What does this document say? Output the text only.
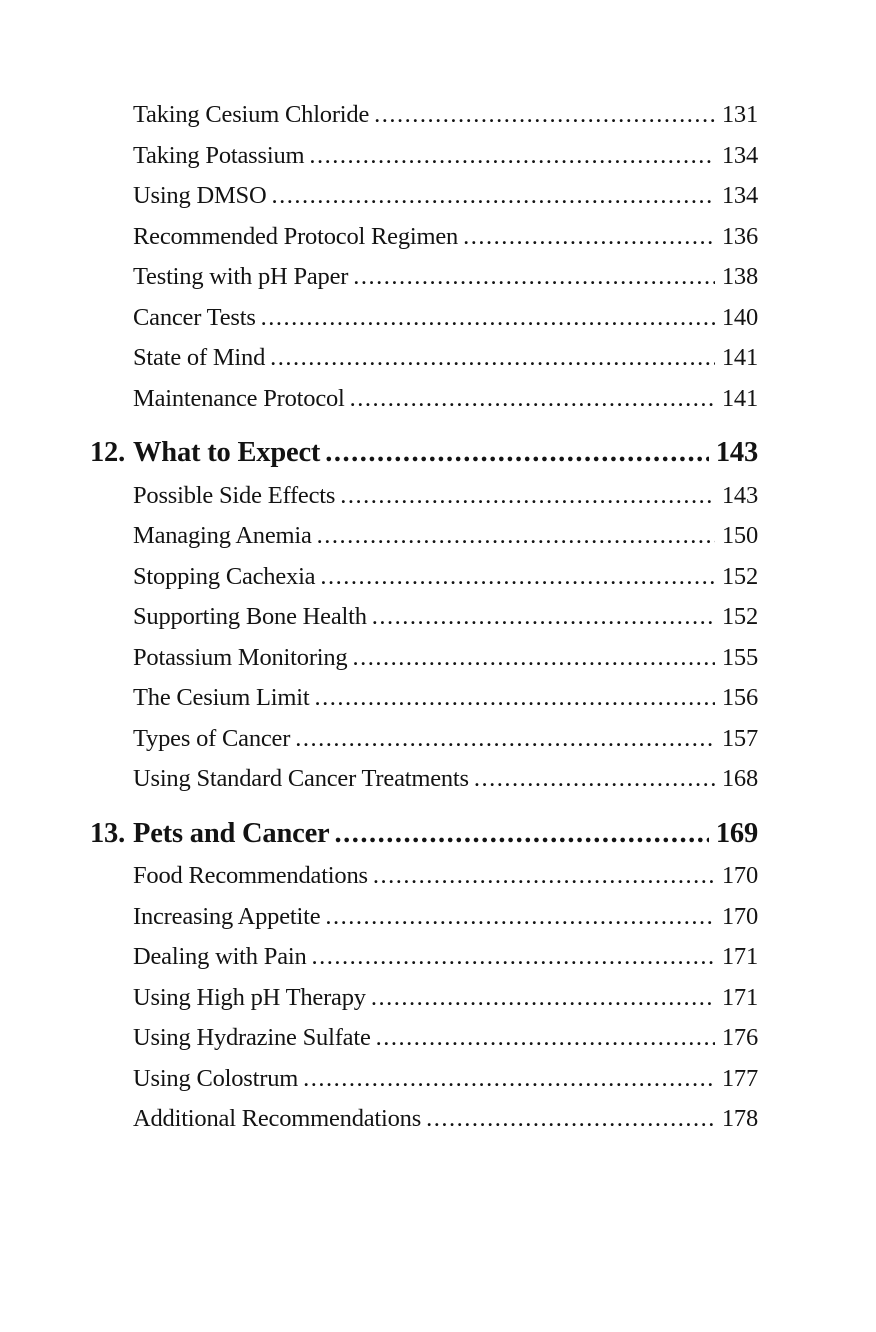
Taking Cesium Chloride .....	131
Taking Potassium .....	134
Using DMSO .....	134
Recommended Protocol Regimen .....	136
Testing with pH Paper .....	138
Cancer Tests .....	140
State of Mind .....	141
Maintenance Protocol .....	141
12. What to Expect .....	143
Possible Side Effects .....	143
Managing Anemia .....	150
Stopping Cachexia .....	152
Supporting Bone Health .....	152
Potassium Monitoring .....	155
The Cesium Limit .....	156
Types of Cancer .....	157
Using Standard Cancer Treatments .....	168
13. Pets and Cancer .....	169
Food Recommendations .....	170
Increasing Appetite .....	170
Dealing with Pain .....	171
Using High pH Therapy .....	171
Using Hydrazine Sulfate .....	176
Using Colostrum .....	177
Additional Recommendations .....	178
